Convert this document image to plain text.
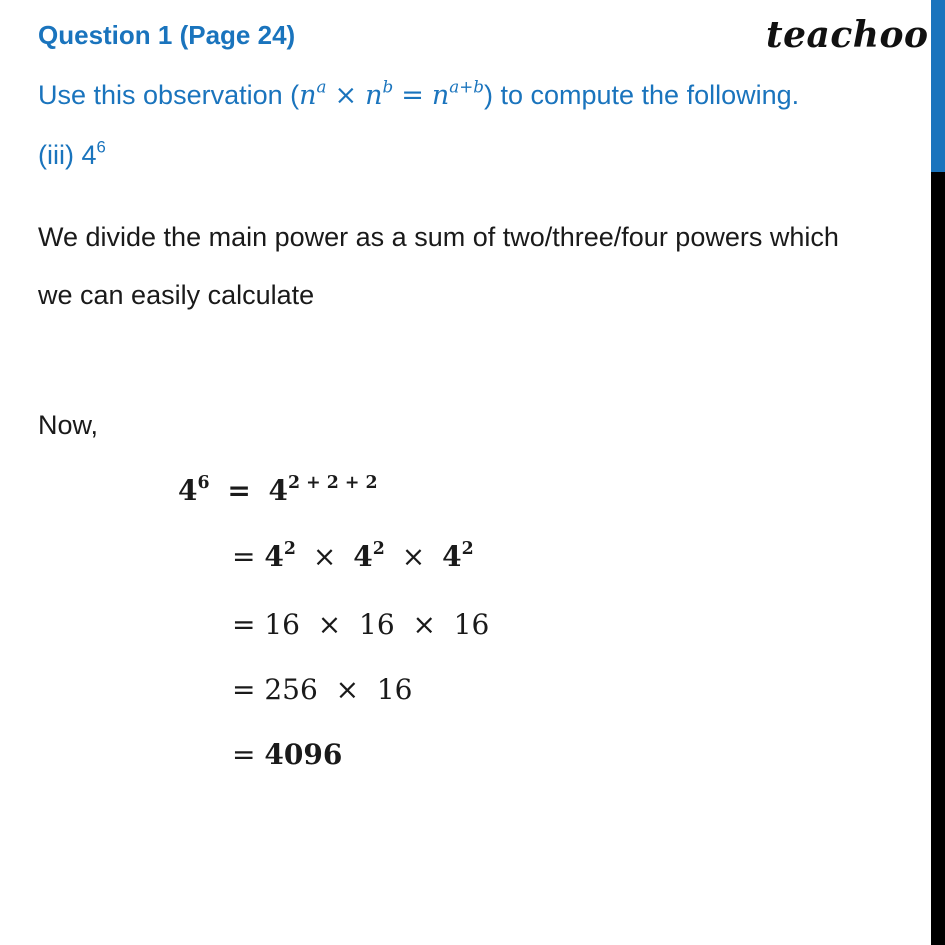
Question 1 (Page 24)	teachoo
Use this observation $(n^a \times n^b = n^{a+b})$ to compute the following.
(iii) $4^6$
We divide the main power as a sum of two/three/four powers which
we can easily calculate
Now,
$4^6 = 4^{2 + 2 + 2}$
= $4^2 \times 4^2 \times 4^2$
= 16  ×  16  ×  16
= 256  ×  16
= 4096
